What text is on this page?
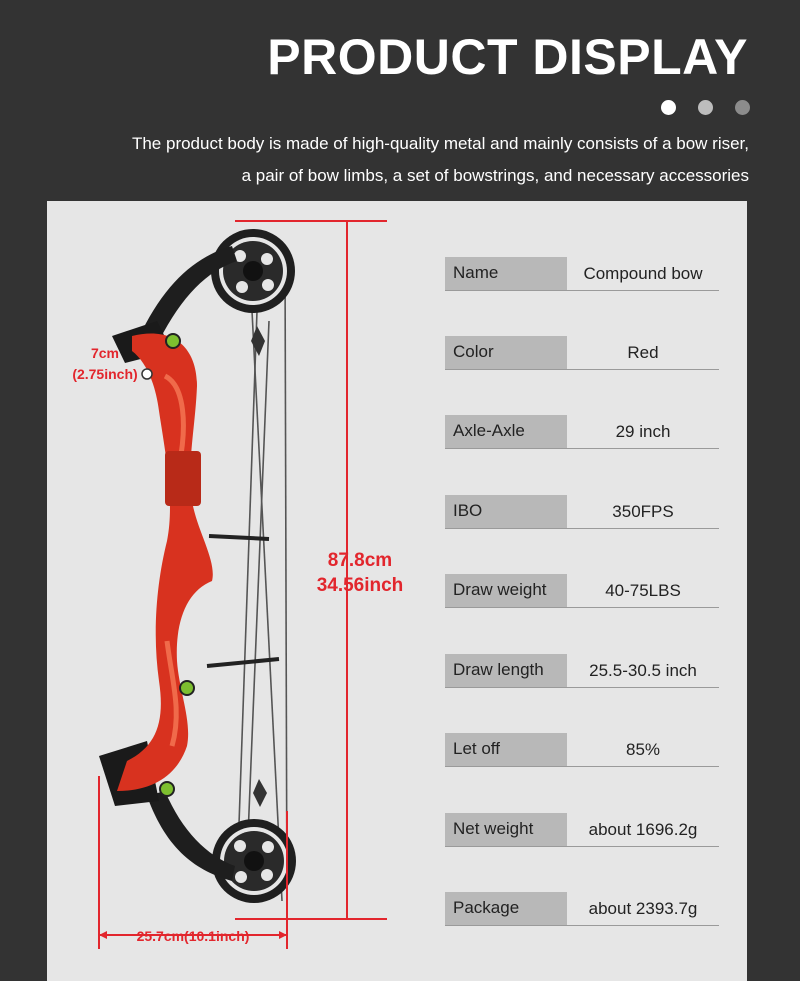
PRODUCT DISPLAY
The product body is made of high-quality metal and mainly consists of a bow riser,
a pair of bow limbs, a set of bowstrings, and necessary accessories
87.8cm
34.56inch
25.7cm(10.1inch)
7cm
(2.75inch)
Name	Compound bow
Color	Red
Axle-Axle	29 inch
IBO	350FPS
Draw weight	40-75LBS
Draw length	25.5-30.5 inch
Let off	85%
Net weight	about 1696.2g
Package	about 2393.7g
